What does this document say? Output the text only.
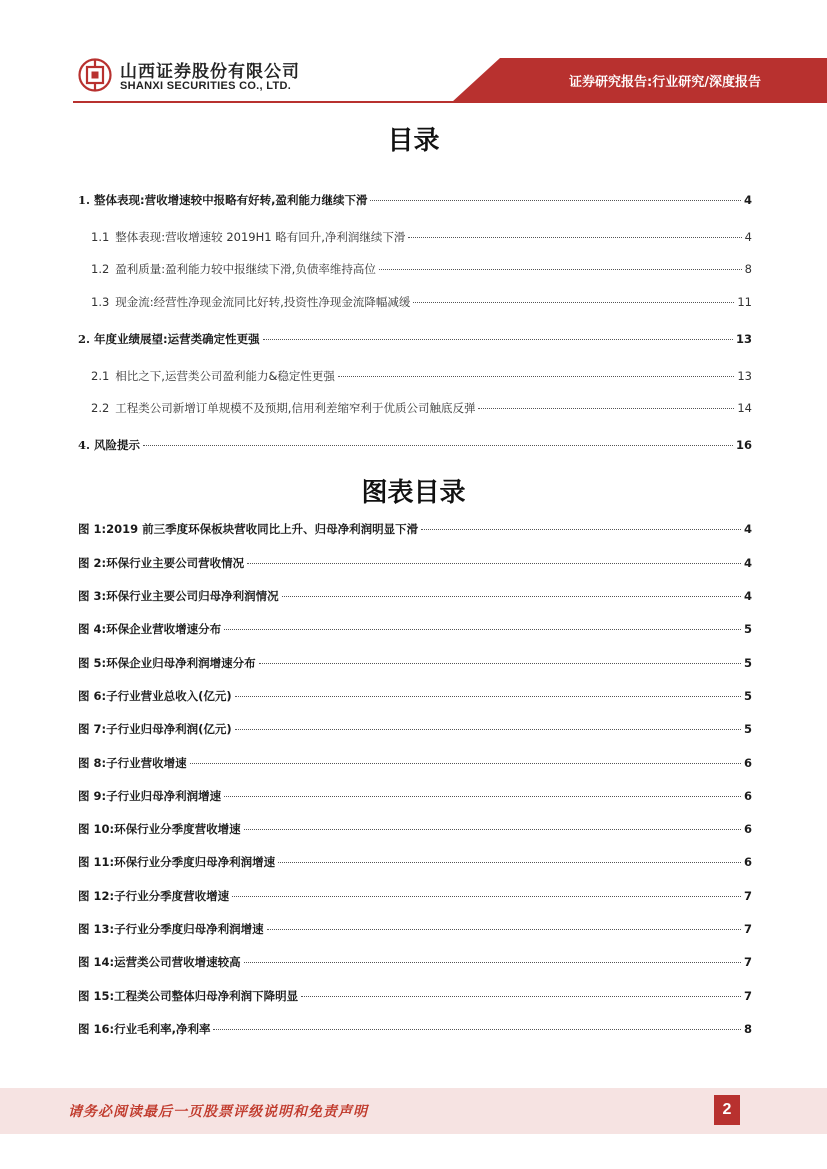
山西证券股份有限公司
SHANXI SECURITIES CO., LTD.	证券研究报告:行业研究/深度报告
目录
1. 整体表现:营收增速较中报略有好转,盈利能力继续下滑	4
1.1 整体表现:营收增速较 2019H1 略有回升,净利润继续下滑	4
1.2 盈利质量:盈利能力较中报继续下滑,负债率维持高位	8
1.3 现金流:经营性净现金流同比好转,投资性净现金流降幅减缓	11
2. 年度业绩展望:运营类确定性更强	13
2.1 相比之下,运营类公司盈利能力&稳定性更强	13
2.2 工程类公司新增订单规模不及预期,信用利差缩窄利于优质公司触底反弹	14
4. 风险提示	16
图表目录
图 1:2019 前三季度环保板块营收同比上升、归母净利润明显下滑	4
图 2:环保行业主要公司营收情况	4
图 3:环保行业主要公司归母净利润情况	4
图 4:环保企业营收增速分布	5
图 5:环保企业归母净利润增速分布	5
图 6:子行业营业总收入(亿元)	5
图 7:子行业归母净利润(亿元)	5
图 8:子行业营收增速	6
图 9:子行业归母净利润增速	6
图 10:环保行业分季度营收增速	6
图 11:环保行业分季度归母净利润增速	6
图 12:子行业分季度营收增速	7
图 13:子行业分季度归母净利润增速	7
图 14:运营类公司营收增速较高	7
图 15:工程类公司整体归母净利润下降明显	7
图 16:行业毛利率,净利率	8
请务必阅读最后一页股票评级说明和免责声明	2
